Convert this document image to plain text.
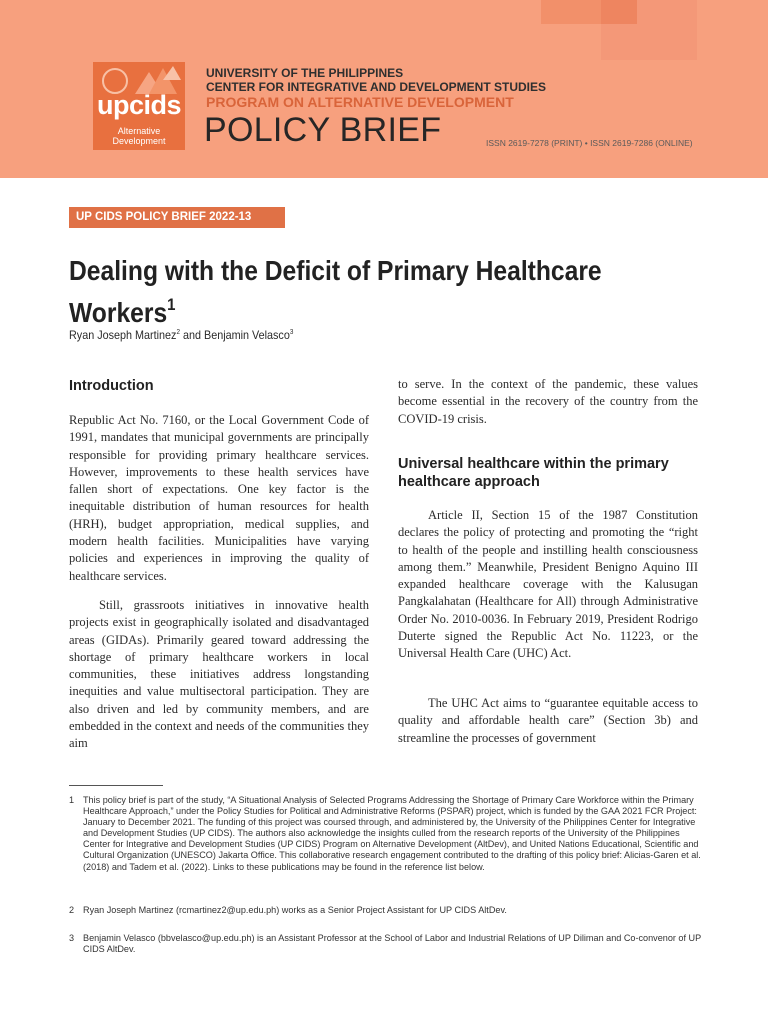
upcids
Alternative
Development
UNIVERSITY OF THE PHILIPPINES
CENTER FOR INTEGRATIVE AND DEVELOPMENT STUDIES
PROGRAM ON ALTERNATIVE DEVELOPMENT
POLICY BRIEF	ISSN 2619-7278 (PRINT) • ISSN 2619-7286 (ONLINE)
UP CIDS POLICY BRIEF 2022-13
Dealing with the Deficit of Primary Healthcare Workers$^1$
Ryan Joseph Martinez$^2$ and Benjamin Velasco$^3$
Introduction

Republic Act No. 7160, or the Local Government Code of 1991, mandates that municipal governments are principally responsible for providing primary healthcare services. However, improvements to these health services have fallen short of expectations. One key factor is the inequitable distribution of human resources for health (HRH), budget appropriation, medical supplies, and modern health facilities. Municipalities have varying policies and experiences in improving the quality of healthcare services.

Still, grassroots initiatives in innovative health projects exist in geographically isolated and disadvantaged areas (GIDAs). Primarily geared toward addressing the shortage of primary healthcare workers in local communities, these initiatives address longstanding inequities and value multisectoral participation. They are also driven and led by community members, and are embedded in the context and needs of the communities they aim

to serve. In the context of the pandemic, these values become essential in the recovery of the country from the COVID-19 crisis.

Universal healthcare within the primary healthcare approach

Article II, Section 15 of the 1987 Constitution declares the policy of protecting and promoting the “right to health of the people and instilling health consciousness among them.” Meanwhile, President Benigno Aquino III expanded healthcare coverage with the Kalusugan Pangkalahatan (Healthcare for All) through Administrative Order No. 2010-0036. In February 2019, President Rodrigo Duterte signed the Republic Act No. 11223, or the Universal Health Care (UHC) Act.

The UHC Act aims to “guarantee equitable access to quality and affordable health care” (Section 3b) and streamline the processes of government

1 This policy brief is part of the study, “A Situational Analysis of Selected Programs Addressing the Shortage of Primary Care Workforce within the Primary Healthcare Approach,” under the Policy Studies for Political and Administrative Reforms (PSPAR) project, which is funded by the GAA 2021 FCR Project: January to December 2021. The funding of this project was coursed through, and administered by, the University of the Philippines Center for Integrative and Development Studies (UP CIDS). The authors also acknowledge the insights culled from the research reports of the University of the Philippines Center for Integrative and Development Studies (UP CIDS) Program on Alternative Development (AltDev), and United Nations Educational, Scientific and Cultural Organization (UNESCO) Jakarta Office. This collaborative research engagement contributed to the drafting of this policy brief: Alicias-Garen et al. (2018) and Tadem et al. (2022). Links to these publications may be found in the reference list below.
2 Ryan Joseph Martinez (rcmartinez2@up.edu.ph) works as a Senior Project Assistant for UP CIDS AltDev.
3 Benjamin Velasco (bbvelasco@up.edu.ph) is an Assistant Professor at the School of Labor and Industrial Relations of UP Diliman and Co-convenor of UP CIDS AltDev.
